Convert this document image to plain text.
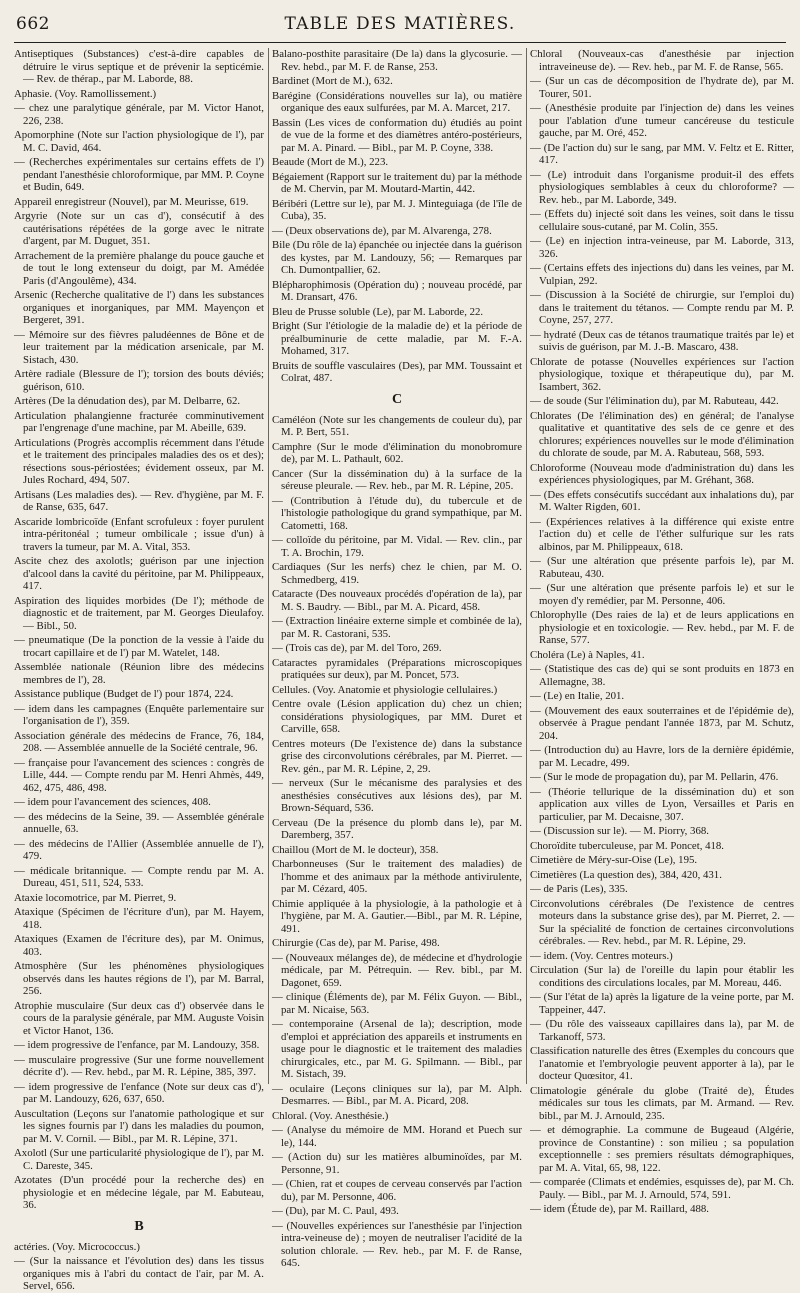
662	TABLE DES MATIÈRES.

Antiseptiques (Substances) c'est-à-dire capables de détruire le virus septique et de prévenir la septicémie. — Rev. de thérap., par M. Laborde, 88.

Aphasie. (Voy. Ramollissement.)

— chez une paralytique générale, par M. Victor Hanot, 226, 238.

Apomorphine (Note sur l'action physiologique de l'), par M. C. David, 464.

— (Recherches expérimentales sur certains effets de l') pendant l'anesthésie chloroformique, par MM. P. Coyne et Budin, 649.

Appareil enregistreur (Nouvel), par M. Meurisse, 619.

Argyrie (Note sur un cas d'), consécutif à des cautérisations répétées de la gorge avec le nitrate d'argent, par M. Duguet, 351.

Arrachement de la première phalange du pouce gauche et de tout le long extenseur du doigt, par M. Amédée Paris (d'Angoulême), 434.

Arsenic (Recherche qualitative de l') dans les substances organiques et inorganiques, par MM. Mayençon et Bergeret, 391.

— Mémoire sur des fièvres paludéennes de Bône et de leur traitement par la médication arsenicale, par M. Sistach, 430.

Artère radiale (Blessure de l'); torsion des bouts déviés; guérison, 610.

Artères (De la dénudation des), par M. Delbarre, 62.

Articulation phalangienne fracturée comminutivement par l'engrenage d'une machine, par M. Abeille, 639.

Articulations (Progrès accomplis récemment dans l'étude et le traitement des principales maladies des os et des); résections sous-périostées; évidement osseux, par M. Jules Rochard, 494, 507.

Artisans (Les maladies des). — Rev. d'hygiène, par M. F. de Ranse, 635, 647.

Ascaride lombricoïde (Enfant scrofuleux : foyer purulent intra-péritonéal ; tumeur ombilicale ; issue d'un) à travers la tumeur, par M. A. Vital, 353.

Ascite chez des axolotls; guérison par une injection d'alcool dans la cavité du péritoine, par M. Philippeaux, 417.

Aspiration des liquides morbides (De l'); méthode de diagnostic et de traitement, par M. Georges Dieulafoy. — Bibl., 50.

— pneumatique (De la ponction de la vessie à l'aide du trocart capillaire et de l') par M. Watelet, 148.

Assemblée nationale (Réunion libre des médecins membres de l'), 28.

Assistance publique (Budget de l') pour 1874, 224.

— idem dans les campagnes (Enquête parlementaire sur l'organisation de l'), 359.

Association générale des médecins de France, 76, 184, 208. — Assemblée annuelle de la Société centrale, 96.

— française pour l'avancement des sciences : congrès de Lille, 444. — Compte rendu par M. Henri Ahmès, 449, 462, 475, 486, 498.

— idem pour l'avancement des sciences, 408.

— des médecins de la Seine, 39. — Assemblée générale annuelle, 63.

— des médecins de l'Allier (Assemblée annuelle de l'), 479.

— médicale britannique. — Compte rendu par M. A. Dureau, 451, 511, 524, 533.

Ataxie locomotrice, par M. Pierret, 9.

Ataxique (Spécimen de l'écriture d'un), par M. Hayem, 418.

Ataxiques (Examen de l'écriture des), par M. Onimus, 403.

Atmosphère (Sur les phénomènes physiologiques observés dans les hautes régions de l'), par M. Barral, 256.

Atrophie musculaire (Sur deux cas d') observée dans le cours de la paralysie générale, par MM. Auguste Voisin et Victor Hanot, 136.

— idem progressive de l'enfance, par M. Landouzy, 358.

— musculaire progressive (Sur une forme nouvellement décrite d'). — Rev. hebd., par M. R. Lépine, 385, 397.

— idem progressive de l'enfance (Note sur deux cas d'), par M. Landouzy, 626, 637, 650.

Auscultation (Leçons sur l'anatomie pathologique et sur les signes fournis par l') dans les maladies du poumon, par M. V. Cornil. — Bibl., par M. R. Lépine, 371.

Axolotl (Sur une particularité physiologique de l'), par M. C. Dareste, 345.

Azotates (D'un procédé pour la recherche des) en physiologie et en médecine légale, par M. Eabuteau, 36.

B

actéries. (Voy. Micrococcus.)

— (Sur la naissance et l'évolution des) dans les tissus organiques mis à l'abri du contact de l'air, par M. A. Servel, 656.

Balano-posthite parasitaire (De la) dans la glycosurie. — Rev. hebd., par M. F. de Ranse, 253.

Bardinet (Mort de M.), 632.

Barégine (Considérations nouvelles sur la), ou matière organique des eaux sulfurées, par M. A. Marcet, 217.

Bassin (Les vices de conformation du) étudiés au point de vue de la forme et des diamètres antéro-postérieurs, par M. A. Pinard. — Bibl., par M. P. Coyne, 338.

Beaude (Mort de M.), 223.

Bégaiement (Rapport sur le traitement du) par la méthode de M. Chervin, par M. Moutard-Martin, 442.

Béribéri (Lettre sur le), par M. J. Minteguiaga (de l'île de Cuba), 35.

— (Deux observations de), par M. Alvarenga, 278.

Bile (Du rôle de la) épanchée ou injectée dans la guérison des kystes, par M. Landouzy, 56; — Remarques par Ch. Dumontpallier, 62.

Blépharophimosis (Opération du) ; nouveau procédé, par M. Dransart, 476.

Bleu de Prusse soluble (Le), par M. Laborde, 22.

Bright (Sur l'étiologie de la maladie de) et la période de préalbuminurie de cette maladie, par M. F.-A. Mohamed, 317.

Bruits de souffle vasculaires (Des), par MM. Toussaint et Colrat, 487.

C

Caméléon (Note sur les changements de couleur du), par M. P. Bert, 551.

Camphre (Sur le mode d'élimination du monobromure de), par M. L. Pathault, 602.

Cancer (Sur la dissémination du) à la surface de la séreuse pleurale. — Rev. heb., par M. R. Lépine, 205.

— (Contribution à l'étude du), du tubercule et de l'histologie pathologique du grand sympathique, par M. Catometti, 168.

— colloïde du péritoine, par M. Vidal. — Rev. clin., par T. A. Brochin, 179.

Cardiaques (Sur les nerfs) chez le chien, par M. O. Schmedberg, 419.

Cataracte (Des nouveaux procédés d'opération de la), par M. S. Baudry. — Bibl., par M. A. Picard, 458.

— (Extraction linéaire externe simple et combinée de la), par M. R. Castorani, 535.

— (Trois cas de), par M. del Toro, 269.

Cataractes pyramidales (Préparations microscopiques pratiquées sur deux), par M. Poncet, 573.

Cellules. (Voy. Anatomie et physiologie cellulaires.)

Centre ovale (Lésion application du) chez un chien; considérations physiologiques, par MM. Duret et Carville, 658.

Centres moteurs (De l'existence de) dans la substance grise des circonvolutions cérébrales, par M. Pierret. — Rev. gén., par M. R. Lépine, 2, 29.

— nerveux (Sur le mécanisme des paralysies et des anesthésies consécutives aux lésions des), par M. Brown-Séquard, 536.

Cerveau (De la présence du plomb dans le), par M. Daremberg, 357.

Chaillou (Mort de M. le docteur), 358.

Charbonneuses (Sur le traitement des maladies) de l'homme et des animaux par la méthode antivirulente, par M. Cézard, 405.

Chimie appliquée à la physiologie, à la pathologie et à l'hygiène, par M. A. Gautier.—Bibl., par M. R. Lépine, 491.

Chirurgie (Cas de), par M. Parise, 498.

— (Nouveaux mélanges de), de médecine et d'hydrologie médicale, par M. Pétrequin. — Rev. bibl., par M. Dagonet, 659.

— clinique (Éléments de), par M. Félix Guyon. — Bibl., par M. Nicaise, 563.

— contemporaine (Arsenal de la); description, mode d'emploi et appréciation des appareils et instruments en usage pour le diagnostic et le traitement des maladies chirurgicales, etc., par M. G. Spilmann. — Bibl., par M. Sistach, 39.

— oculaire (Leçons cliniques sur la), par M. Alph. Desmarres. — Bibl., par M. A. Picard, 208.

Chloral. (Voy. Anesthésie.)

— (Analyse du mémoire de MM. Horand et Puech sur le), 144.

— (Action du) sur les matières albuminoïdes, par M. Personne, 91.

— (Chien, rat et coupes de cerveau conservés par l'action du), par M. Personne, 406.

— (Du), par M. C. Paul, 493.

— (Nouvelles expériences sur l'anesthésie par l'injection intra-veineuse de) ; moyen de neutraliser l'acidité de la solution chlorale. — Rev. heb., par M. F. de Ranse, 645.

Chloral (Nouveaux-cas d'anesthésie par injection intraveineuse de). — Rev. heb., par M. F. de Ranse, 565.

— (Sur un cas de décomposition de l'hydrate de), par M. Tourer, 501.

— (Anesthésie produite par l'injection de) dans les veines pour l'ablation d'une tumeur cancéreuse du testicule gauche, par M. Oré, 452.

— (De l'action du) sur le sang, par MM. V. Feltz et E. Ritter, 417.

— (Le) introduit dans l'organisme produit-il des effets physiologiques semblables à ceux du chloroforme? — Rev. heb., par M. Laborde, 349.

— (Effets du) injecté soit dans les veines, soit dans le tissu cellulaire sous-cutané, par M. Colin, 355.

— (Le) en injection intra-veineuse, par M. Laborde, 313, 326.

— (Certains effets des injections du) dans les veines, par M. Vulpian, 292.

— (Discussion à la Société de chirurgie, sur l'emploi du) dans le traitement du tétanos. — Compte rendu par M. P. Coyne, 257, 277.

— hydraté (Deux cas de tétanos traumatique traités par le) et suivis de guérison, par M. J.-B. Mascaro, 438.

Chlorate de potasse (Nouvelles expériences sur l'action physiologique, toxique et thérapeutique du), par M. Isambert, 362.

— de soude (Sur l'élimination du), par M. Rabuteau, 442.

Chlorates (De l'élimination des) en général; de l'analyse qualitative et quantitative des sels de ce genre et des chlorures; expériences nouvelles sur le mode d'élimination du chlorate de soude, par M. A. Rabuteau, 568, 593.

Chloroforme (Nouveau mode d'administration du) dans les expériences physiologiques, par M. Gréhant, 368.

— (Des effets consécutifs succédant aux inhalations du), par M. Walter Rigden, 601.

— (Expériences relatives à la différence qui existe entre l'action du) et celle de l'éther sulfurique sur les rats albinos, par M. Philippeaux, 618.

— (Sur une altération que présente parfois le), par M. Rabuteau, 430.

— (Sur une altération que présente parfois le) et sur le moyen d'y remédier, par M. Personne, 406.

Chlorophylle (Des raies de la) et de leurs applications en physiologie et en toxicologie. — Rev. hebd., par M. F. de Ranse, 577.

Choléra (Le) à Naples, 41.

— (Statistique des cas de) qui se sont produits en 1873 en Allemagne, 38.

— (Le) en Italie, 201.

— (Mouvement des eaux souterraines et de l'épidémie de), observée à Prague pendant l'année 1873, par M. Schutz, 204.

— (Introduction du) au Havre, lors de la dernière épidémie, par M. Lecadre, 499.

— (Sur le mode de propagation du), par M. Pellarin, 476.

— (Théorie tellurique de la dissémination du) et son application aux villes de Lyon, Versailles et Paris en particulier, par M. Decaisne, 307.

— (Discussion sur le). — M. Piorry, 368.

Choroïdite tuberculeuse, par M. Poncet, 418.

Cimetière de Méry-sur-Oise (Le), 195.

Cimetières (La question des), 384, 420, 431.

— de Paris (Les), 335.

Circonvolutions cérébrales (De l'existence de centres moteurs dans la substance grise des), par M. Pierret, 2. — Sur la spécialité de fonction de certaines circonvolutions cérébrales. — Rev. hebd., par M. R. Lépine, 29.

— idem. (Voy. Centres moteurs.)

Circulation (Sur la) de l'oreille du lapin pour établir les conditions des circulations locales, par M. Moreau, 446.

— (Sur l'état de la) après la ligature de la veine porte, par M. Tappeiner, 447.

— (Du rôle des vaisseaux capillaires dans la), par M. de Tarkanoff, 573.

Classification naturelle des êtres (Exemples du concours que l'anatomie et l'embryologie peuvent apporter à la), par le docteur Quœsitor, 41.

Climatologie générale du globe (Traité de), Études médicales sur tous les climats, par M. Armand. — Rev. bibl., par M. J. Arnould, 235.

— et démographie. La commune de Bugeaud (Algérie, province de Constantine) : son milieu ; sa population exceptionnelle : ses premiers résultats démographiques, par M. A. Vital, 65, 98, 122.

— comparée (Climats et endémies, esquisses de), par M. Ch. Pauly. — Bibl., par M. J. Arnould, 574, 591.

— idem (Étude de), par M. Raillard, 488.
